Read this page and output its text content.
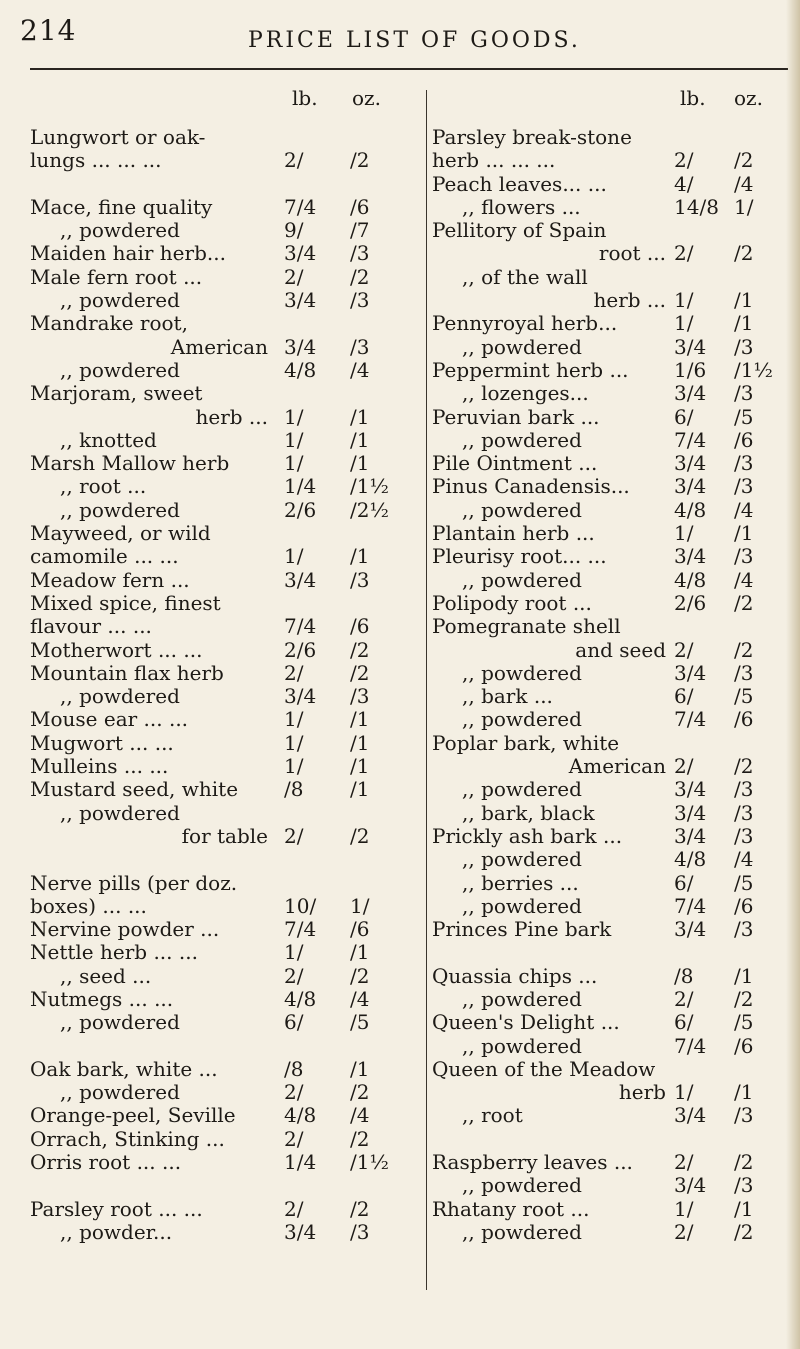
214	PRICE LIST OF GOODS.
lb. oz.
Lungwort or oak-
lungs ... ... ...	2/ /2
Mace, fine quality	7/4 /6
,, powdered	9/ /7
Maiden hair herb...	3/4 /3
Male fern root ...	2/ /2
,, powdered	3/4 /3
Mandrake root,
American 3/4 /3
,, powdered	4/8 /4
Marjoram, sweet
herb ... 1/ /1
,, knotted	1/ /1
Marsh Mallow herb	1/ /1
,, root ...	1/4 /1½
,, powdered	2/6 /2½
Mayweed, or wild
camomile ... ...	1/ /1
Meadow fern ...	3/4 /3
Mixed spice, finest
flavour ... ...	7/4 /6
Motherwort ... ...	2/6 /2
Mountain flax herb	2/ /2
,, powdered	3/4 /3
Mouse ear ... ...	1/ /1
Mugwort ... ...	1/ /1
Mulleins ... ...	1/ /1
Mustard seed, white	/8 /1
,, powdered
for table 2/ /2
Nerve pills (per doz.
boxes) ... ...	10/ 1/
Nervine powder ...	7/4 /6
Nettle herb ... ...	1/ /1
,, seed ...	2/ /2
Nutmegs ... ...	4/8 /4
,, powdered	6/ /5
Oak bark, white ...	/8 /1
,, powdered	2/ /2
Orange-peel, Seville	4/8 /4
Orrach, Stinking ...	2/ /2
Orris root ... ...	1/4 /1½
Parsley root ... ...	2/ /2
,, powder...	3/4 /3
lb. oz.
Parsley break-stone
herb ... ... ...	2/ /2
Peach leaves... ...	4/ /4
,, flowers ...	14/8 1/
Pellitory of Spain
root ... 2/ /2
,, of the wall
herb ... 1/ /1
Pennyroyal herb...	1/ /1
,, powdered	3/4 /3
Peppermint herb ...	1/6 /1½
,, lozenges...	3/4 /3
Peruvian bark ...	6/ /5
,, powdered	7/4 /6
Pile Ointment ...	3/4 /3
Pinus Canadensis...	3/4 /3
,, powdered	4/8 /4
Plantain herb ...	1/ /1
Pleurisy root... ...	3/4 /3
,, powdered	4/8 /4
Polipody root ...	2/6 /2
Pomegranate shell
and seed 2/ /2
,, powdered	3/4 /3
,, bark ...	6/ /5
,, powdered	7/4 /6
Poplar bark, white
American 2/ /2
,, powdered	3/4 /3
,, bark, black	3/4 /3
Prickly ash bark ...	3/4 /3
,, powdered	4/8 /4
,, berries ...	6/ /5
,, powdered	7/4 /6
Princes Pine bark	3/4 /3
Quassia chips ...	/8 /1
,, powdered	2/ /2
Queen's Delight ...	6/ /5
,, powdered	7/4 /6
Queen of the Meadow
herb 1/ /1
,, root	3/4 /3
Raspberry leaves ...	2/ /2
,, powdered	3/4 /3
Rhatany root ...	1/ /1
,, powdered	2/ /2
